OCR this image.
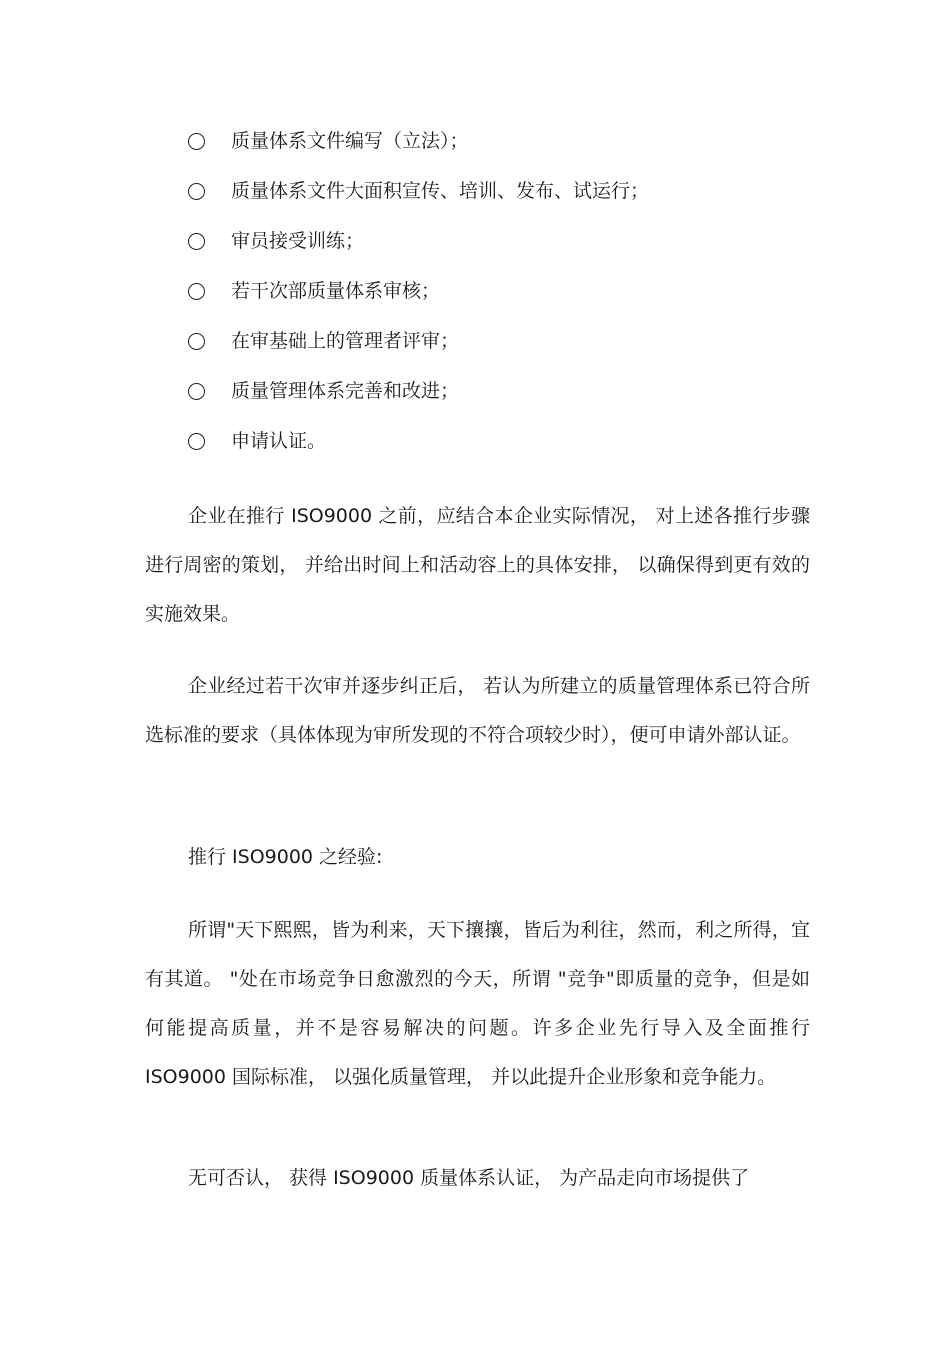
质量体系文件编写（立法）；
质量体系文件大面积宣传、培训、发布、试运行；
审员接受训练；
若干次部质量体系审核；
在审基础上的管理者评审；
质量管理体系完善和改进；
申请认证。

企业在推行 ISO9000 之前，应结合本企业实际情况， 对上述各推行步骤进行周密的策划， 并给出时间上和活动容上的具体安排， 以确保得到更有效的实施效果。

企业经过若干次审并逐步纠正后， 若认为所建立的质量管理体系已符合所选标准的要求（具体体现为审所发现的不符合项较少时），便可申请外部认证。

推行 ISO9000 之经验:

所谓"天下熙熙，皆为利来，天下攘攘，皆后为利往，然而，利之所得，宜有其道。 "处在市场竞争日愈激烈的今天，所谓 "竞争"即质量的竞争，但是如何能提高质量，并不是容易解决的问题。许多企业先行导入及全面推行 ISO9000 国际标准， 以强化质量管理， 并以此提升企业形象和竞争能力。

无可否认， 获得 ISO9000 质量体系认证， 为产品走向市场提供了
